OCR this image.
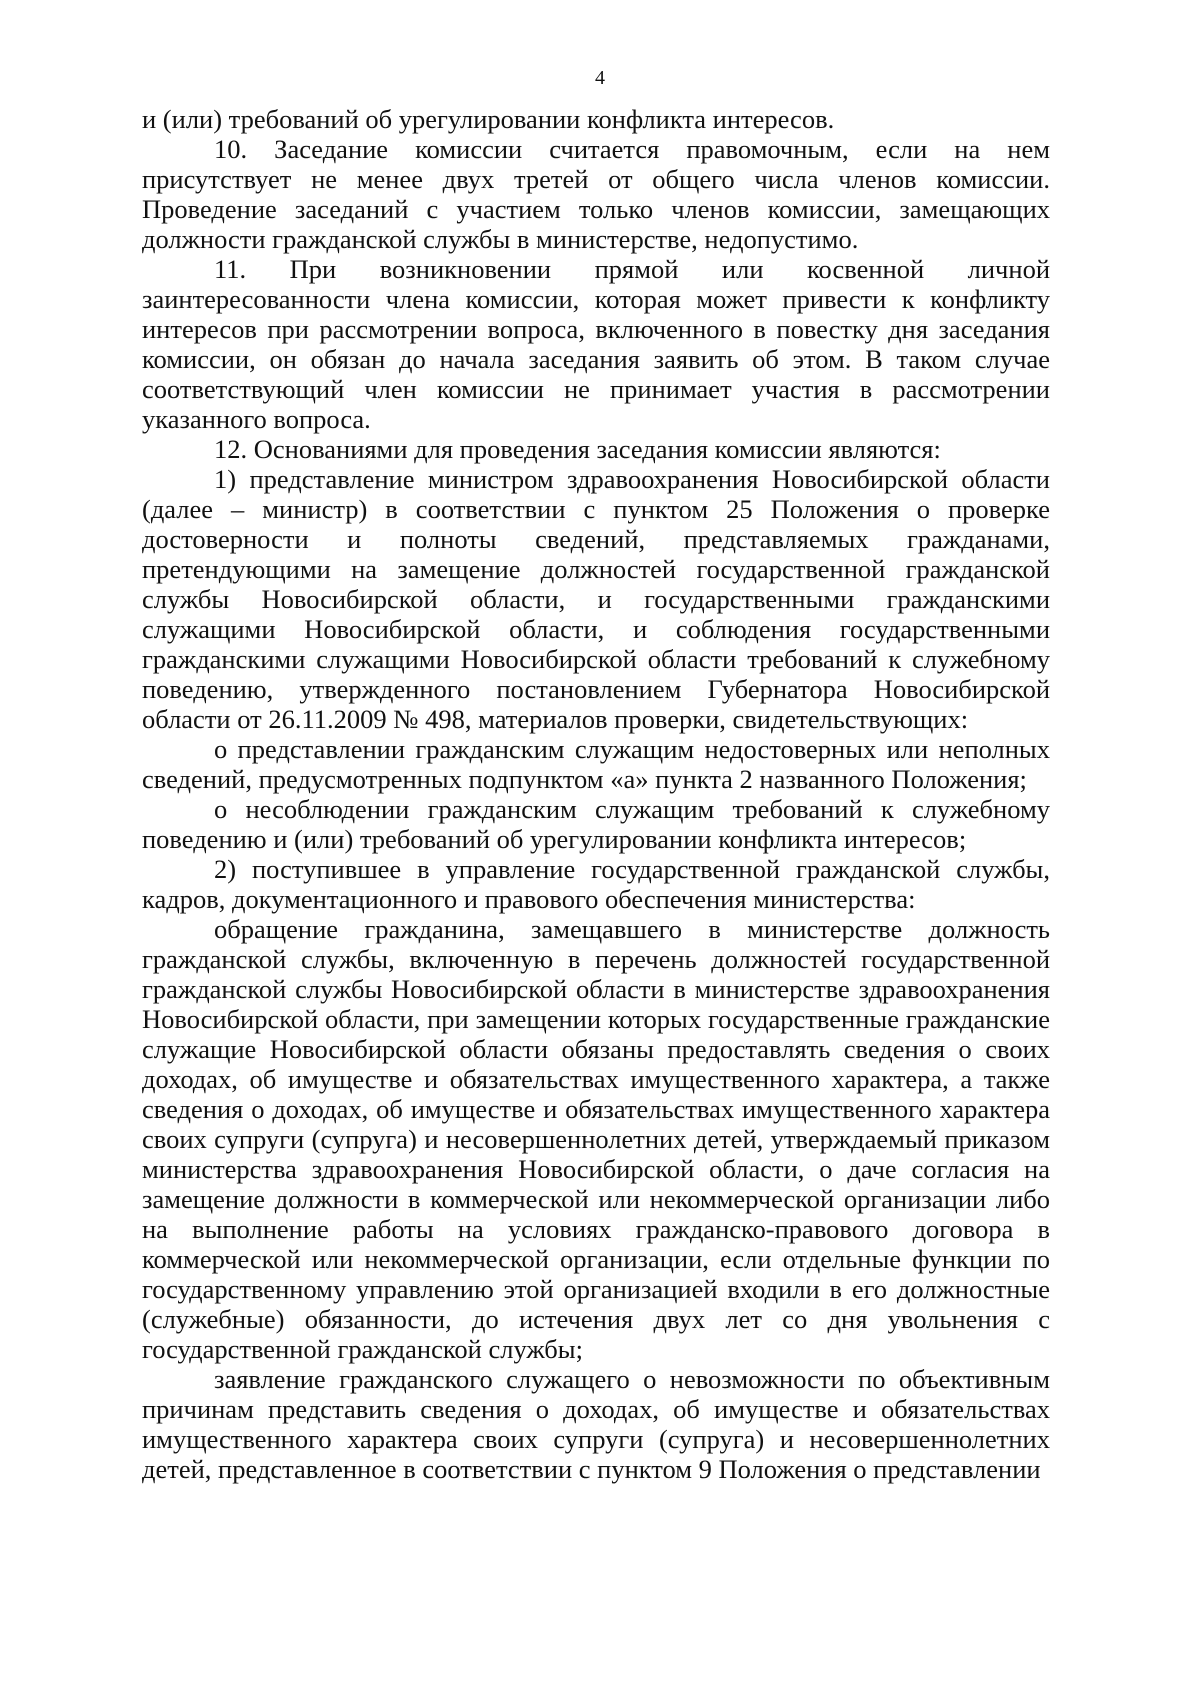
4

и (или) требований об урегулировании конфликта интересов.

10. Заседание комиссии считается правомочным, если на нем присутствует не менее двух третей от общего числа членов комиссии. Проведение заседаний с участием только членов комиссии, замещающих должности гражданской службы в министерстве, недопустимо.

11. При возникновении прямой или косвенной личной заинтересованности члена комиссии, которая может привести к конфликту интересов при рассмотрении вопроса, включенного в повестку дня заседания комиссии, он обязан до начала заседания заявить об этом. В таком случае соответствующий член комиссии не принимает участия в рассмотрении указанного вопроса.

12. Основаниями для проведения заседания комиссии являются:

1) представление министром здравоохранения Новосибирской области (далее – министр) в соответствии с пунктом 25 Положения о проверке достоверности и полноты сведений, представляемых гражданами, претендующими на замещение должностей государственной гражданской службы Новосибирской области, и государственными гражданскими служащими Новосибирской области, и соблюдения государственными гражданскими служащими Новосибирской области требований к служебному поведению, утвержденного постановлением Губернатора Новосибирской области от 26.11.2009 № 498, материалов проверки, свидетельствующих:

о представлении гражданским служащим недостоверных или неполных сведений, предусмотренных подпунктом «а» пункта 2 названного Положения;

о несоблюдении гражданским служащим требований к служебному поведению и (или) требований об урегулировании конфликта интересов;

2) поступившее в управление государственной гражданской службы, кадров, документационного и правового обеспечения министерства:

обращение гражданина, замещавшего в министерстве должность гражданской службы, включенную в перечень должностей государственной гражданской службы Новосибирской области в министерстве здравоохранения Новосибирской области, при замещении которых государственные гражданские служащие Новосибирской области обязаны предоставлять сведения о своих доходах, об имуществе и обязательствах имущественного характера, а также сведения о доходах, об имуществе и обязательствах имущественного характера своих супруги (супруга) и несовершеннолетних детей, утверждаемый приказом министерства здравоохранения Новосибирской области, о даче согласия на замещение должности в коммерческой или некоммерческой организации либо на выполнение работы на условиях гражданско-правового договора в коммерческой или некоммерческой организации, если отдельные функции по государственному управлению этой организацией входили в его должностные (служебные) обязанности, до истечения двух лет со дня увольнения с государственной гражданской службы;

заявление гражданского служащего о невозможности по объективным причинам представить сведения о доходах, об имуществе и обязательствах имущественного характера своих супруги (супруга) и несовершеннолетних детей, представленное в соответствии с пунктом 9 Положения о представлении
